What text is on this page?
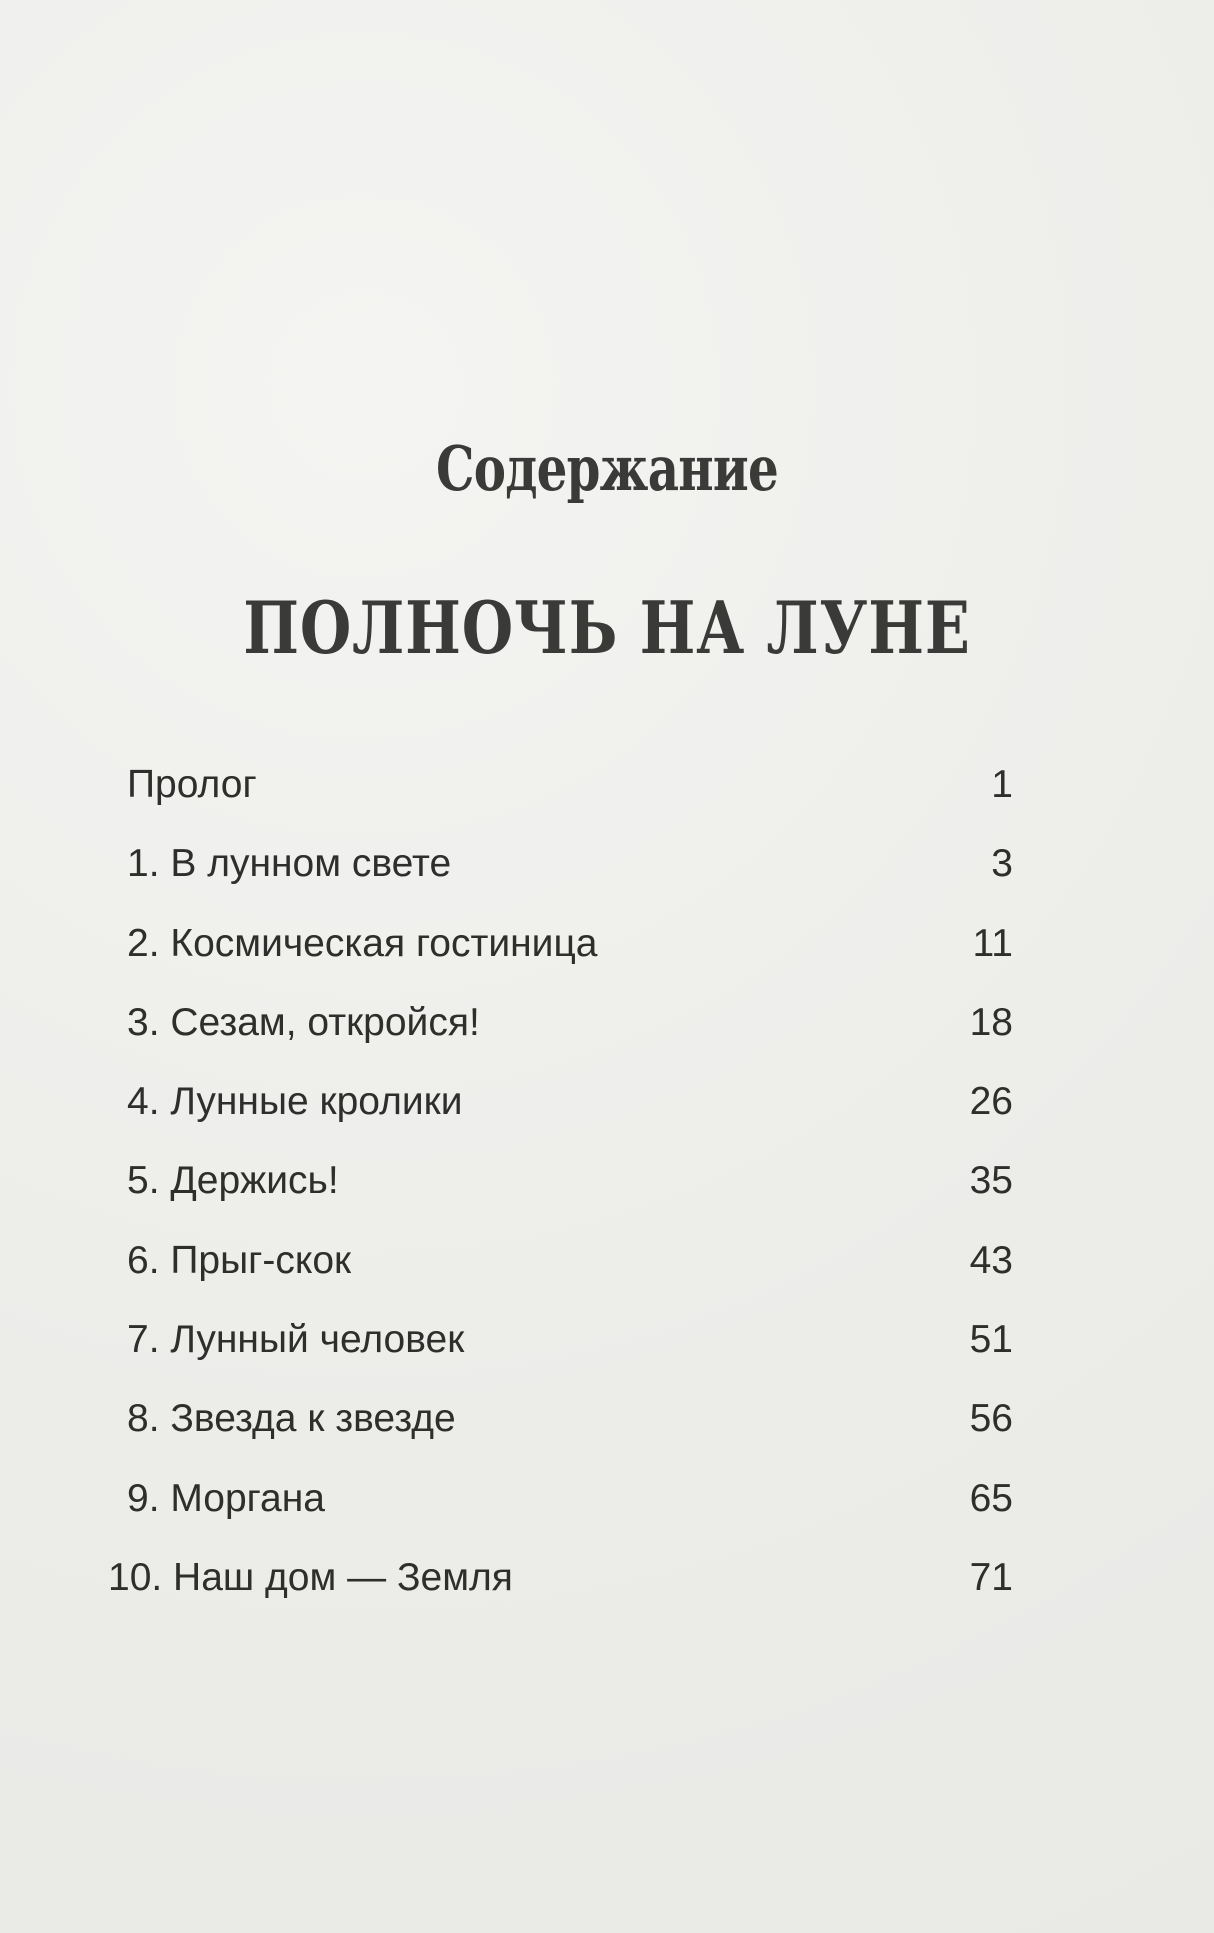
Содержание
ПОЛНОЧЬ НА ЛУНЕ
Пролог	1
1. В лунном свете	3
2. Космическая гостиница	11
3. Сезам, откройся!	18
4. Лунные кролики	26
5. Держись!	35
6. Прыг-скок	43
7. Лунный человек	51
8. Звезда к звезде	56
9. Моргана	65
10. Наш дом — Земля	71
